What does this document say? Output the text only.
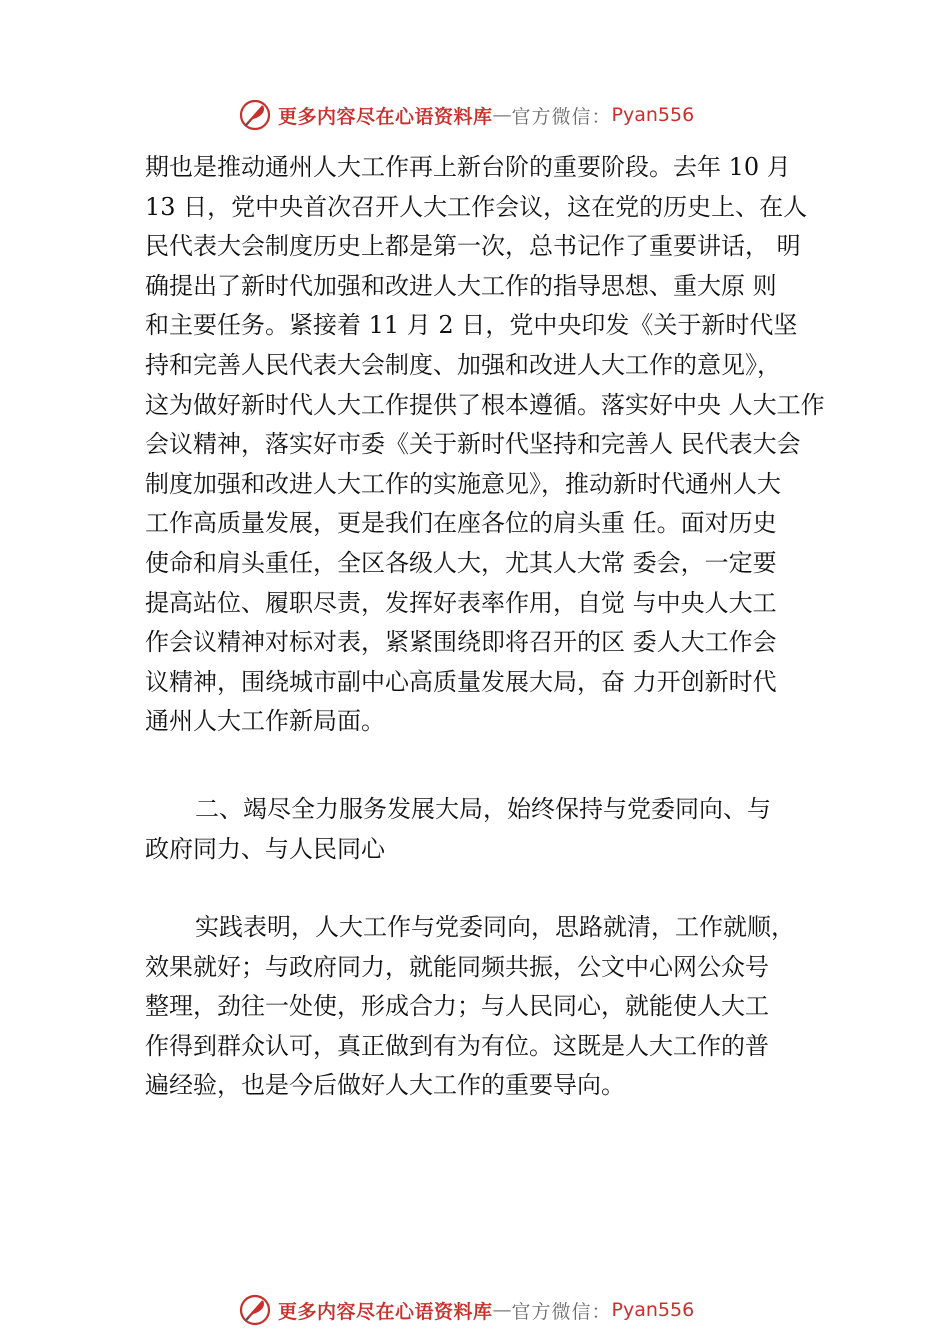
更多内容尽在心语资料库 — 官方微信： Pyan556
期也是推动通州人大工作再上新台阶的重要阶段。去年 10 月
13 日，党中央首次召开人大工作会议，这在党的历史上、在人
民代表大会制度历史上都是第一次，总书记作了重要讲话， 明
确提出了新时代加强和改进人大工作的指导思想、重大原 则
和主要任务。紧接着 11 月 2 日，党中央印发《关于新时代坚
持和完善人民代表大会制度、加强和改进人大工作的意见》，
这为做好新时代人大工作提供了根本遵循。落实好中央 人大工作
会议精神，落实好市委《关于新时代坚持和完善人 民代表大会
制度加强和改进人大工作的实施意见》，推动新时代通州人大
工作高质量发展，更是我们在座各位的肩头重 任。面对历史
使命和肩头重任，全区各级人大，尤其人大常 委会，一定要
提高站位、履职尽责，发挥好表率作用，自觉 与中央人大工
作会议精神对标对表，紧紧围绕即将召开的区 委人大工作会
议精神，围绕城市副中心高质量发展大局，奋 力开创新时代
通州人大工作新局面。
二、竭尽全力服务发展大局，始终保持与党委同向、与
政府同力、与人民同心
实践表明，人大工作与党委同向，思路就清，工作就顺，
效果就好；与政府同力，就能同频共振，公文中心网公众号
整理，劲往一处使，形成合力；与人民同心，就能使人大工
作得到群众认可，真正做到有为有位。这既是人大工作的普
遍经验，也是今后做好人大工作的重要导向。
更多内容尽在心语资料库 — 官方微信： Pyan556
